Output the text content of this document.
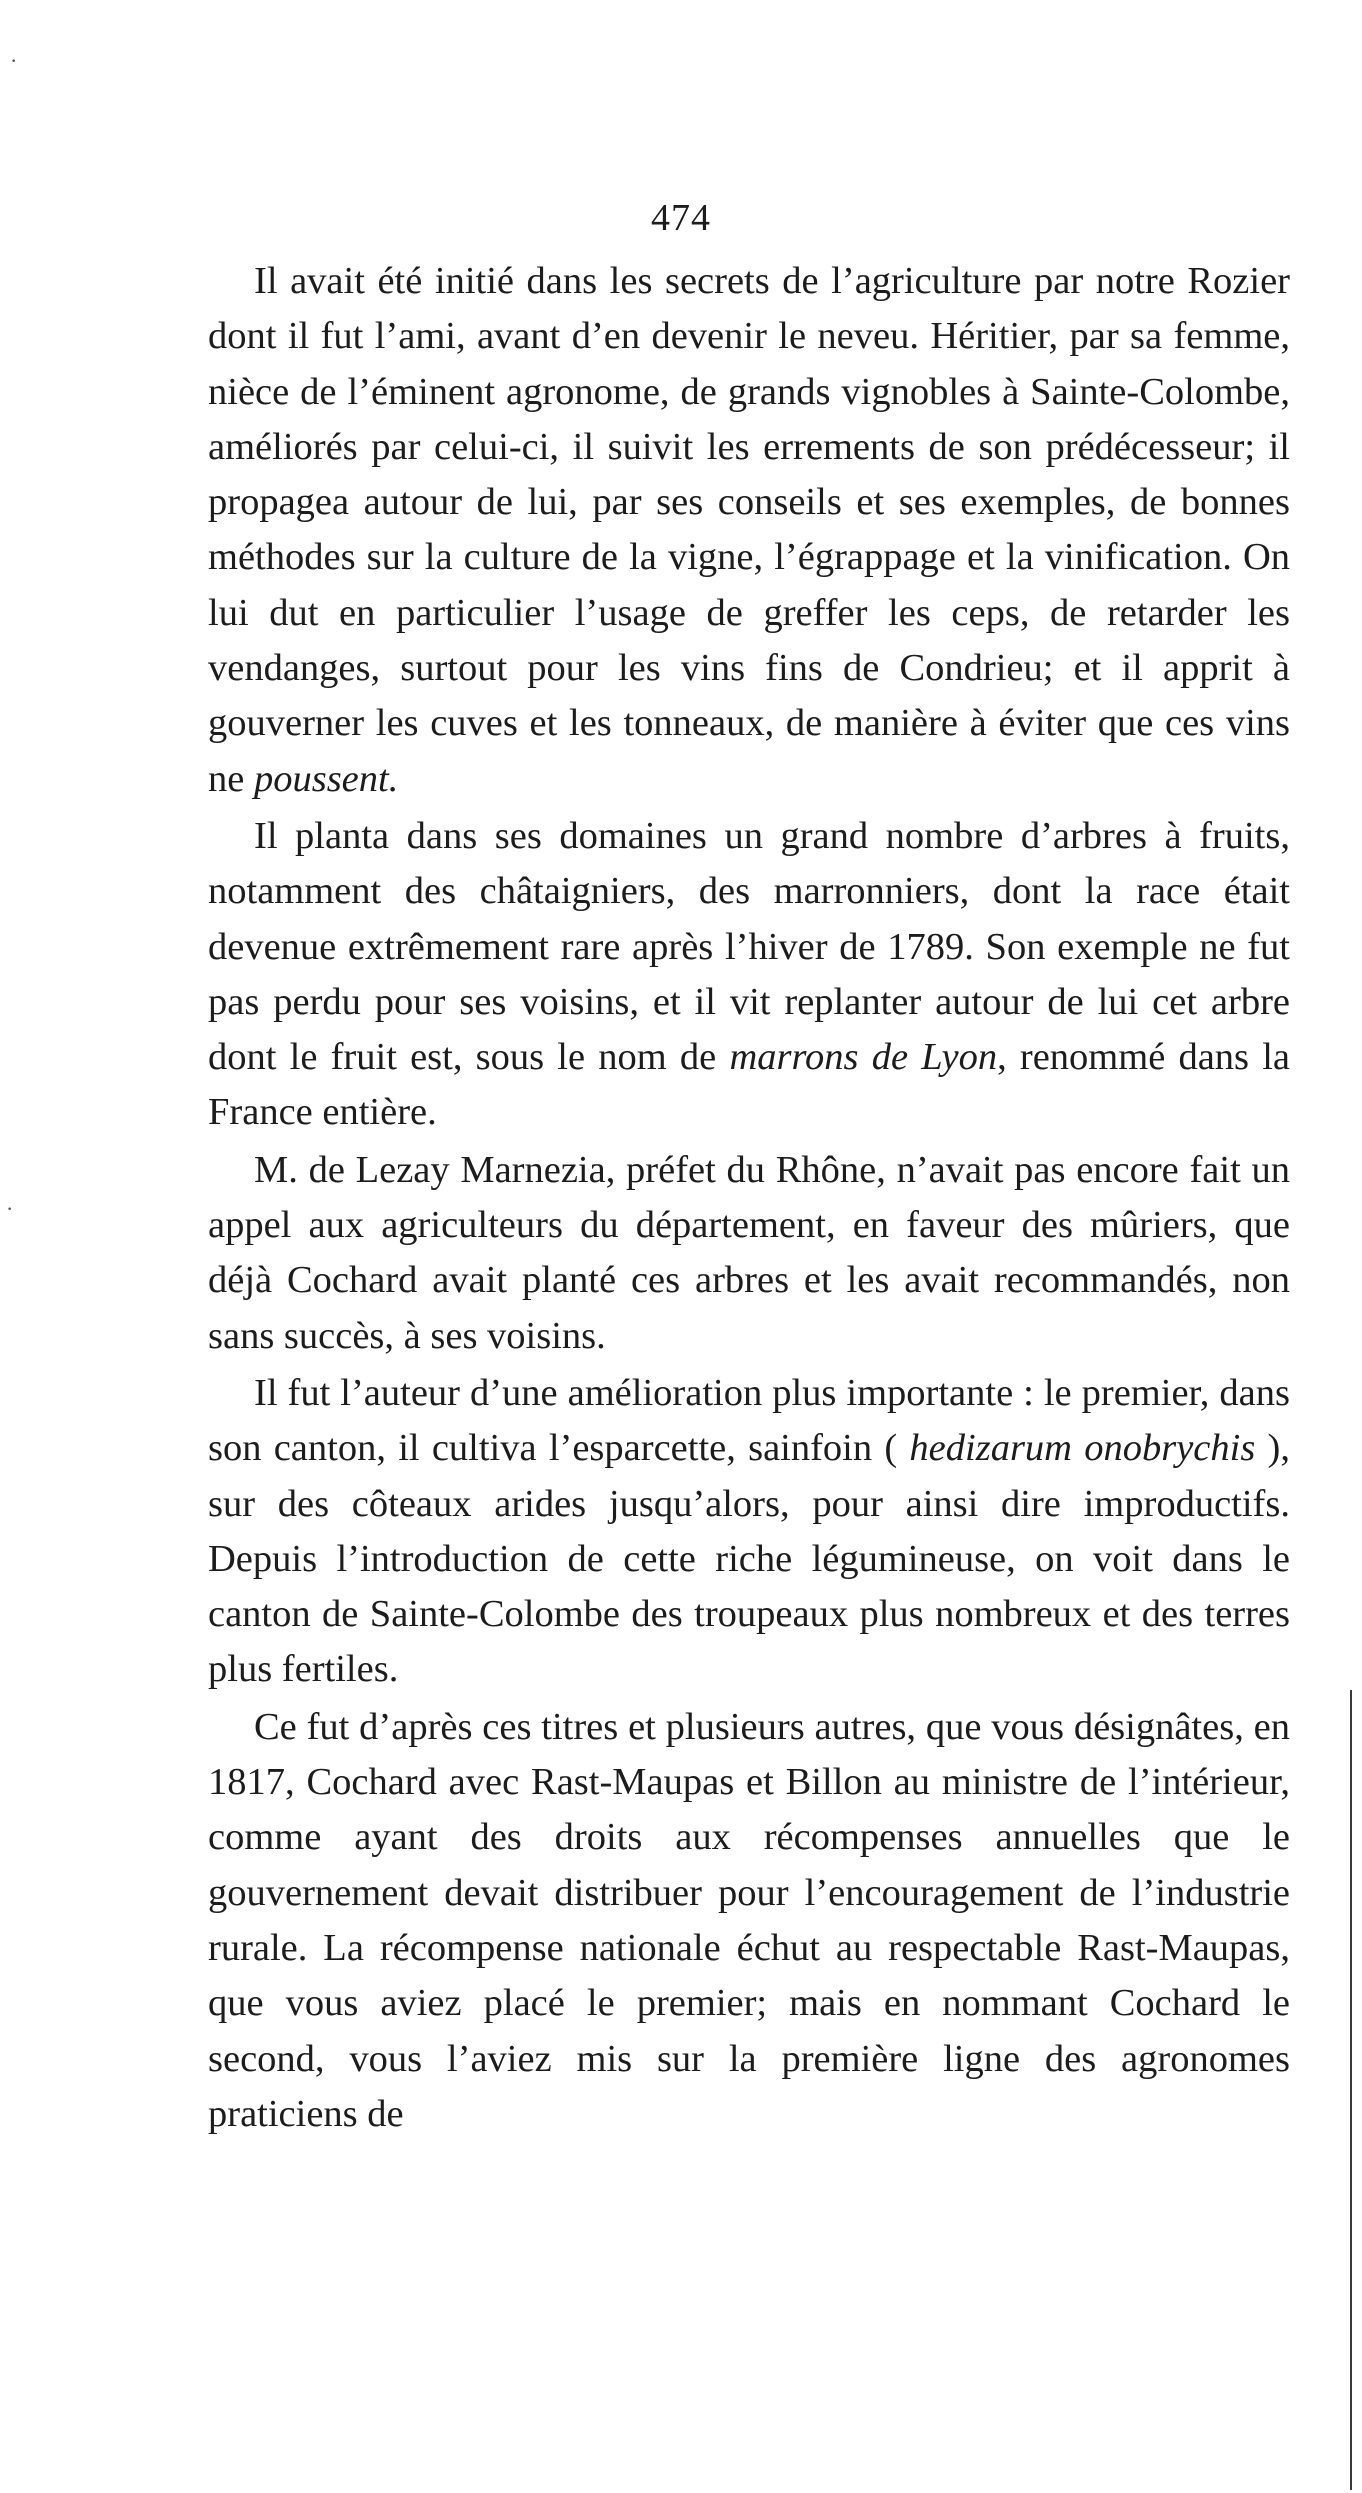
·
·
474

Il avait été initié dans les secrets de l’agriculture par notre Rozier dont il fut l’ami, avant d’en devenir le neveu. Héritier, par sa femme, nièce de l’éminent agronome, de grands vignobles à Sainte-Colombe, améliorés par celui-ci, il suivit les errements de son prédécesseur; il propagea autour de lui, par ses conseils et ses exemples, de bonnes méthodes sur la culture de la vigne, l’égrappage et la vinification. On lui dut en particulier l’usage de greffer les ceps, de retarder les vendanges, surtout pour les vins fins de Condrieu; et il apprit à gouverner les cuves et les tonneaux, de manière à éviter que ces vins ne poussent.

Il planta dans ses domaines un grand nombre d’arbres à fruits, notamment des châtaigniers, des marronniers, dont la race était devenue extrêmement rare après l’hiver de 1789. Son exemple ne fut pas perdu pour ses voisins, et il vit replanter autour de lui cet arbre dont le fruit est, sous le nom de marrons de Lyon, renommé dans la France entière.

M. de Lezay Marnezia, préfet du Rhône, n’avait pas encore fait un appel aux agriculteurs du département, en faveur des mûriers, que déjà Cochard avait planté ces arbres et les avait recommandés, non sans succès, à ses voisins.

Il fut l’auteur d’une amélioration plus importante : le premier, dans son canton, il cultiva l’esparcette, sainfoin ( hedizarum onobrychis ), sur des côteaux arides jusqu’alors, pour ainsi dire improductifs. Depuis l’introduction de cette riche légumineuse, on voit dans le canton de Sainte-Colombe des troupeaux plus nombreux et des terres plus fertiles.

Ce fut d’après ces titres et plusieurs autres, que vous désignâtes, en 1817, Cochard avec Rast-Maupas et Billon au ministre de l’intérieur, comme ayant des droits aux récompenses annuelles que le gouvernement devait distribuer pour l’encouragement de l’industrie rurale. La récompense nationale échut au respectable Rast-Maupas, que vous aviez placé le premier; mais en nommant Cochard le second, vous l’aviez mis sur la première ligne des agronomes praticiens de
